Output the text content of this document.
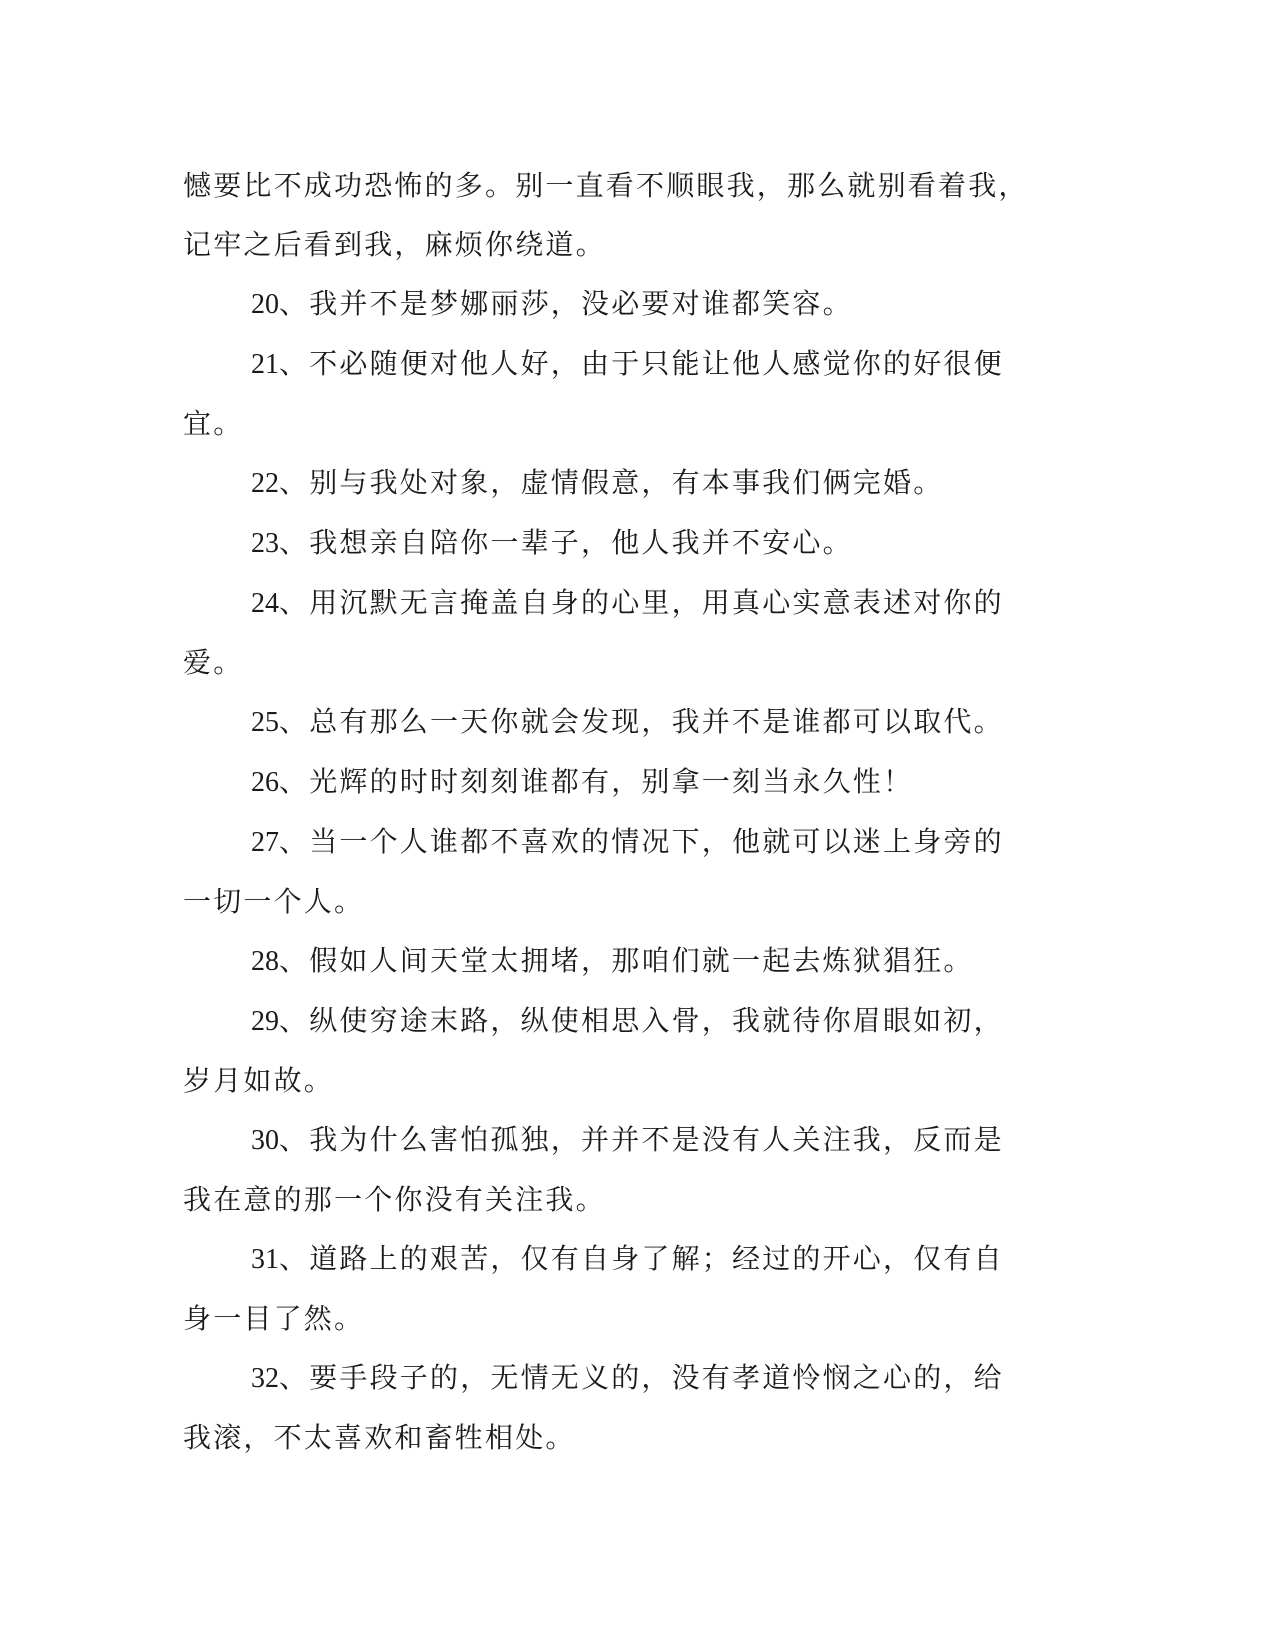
憾要比不成功恐怖的多。别一直看不顺眼我，那么就别看着我，记牢之后看到我，麻烦你绕道。

20、我并不是梦娜丽莎，没必要对谁都笑容。

21、不必随便对他人好，由于只能让他人感觉你的好很便宜。

22、别与我处对象，虚情假意，有本事我们俩完婚。

23、我想亲自陪你一辈子，他人我并不安心。

24、用沉默无言掩盖自身的心里，用真心实意表述对你的爱。

25、总有那么一天你就会发现，我并不是谁都可以取代。

26、光辉的时时刻刻谁都有，别拿一刻当永久性！

27、当一个人谁都不喜欢的情况下，他就可以迷上身旁的一切一个人。

28、假如人间天堂太拥堵，那咱们就一起去炼狱猖狂。

29、纵使穷途末路，纵使相思入骨，我就待你眉眼如初，岁月如故。

30、我为什么害怕孤独，并并不是没有人关注我，反而是我在意的那一个你没有关注我。

31、道路上的艰苦，仅有自身了解；经过的开心，仅有自身一目了然。

32、要手段子的，无情无义的，没有孝道怜悯之心的，给我滚，不太喜欢和畜牲相处。
